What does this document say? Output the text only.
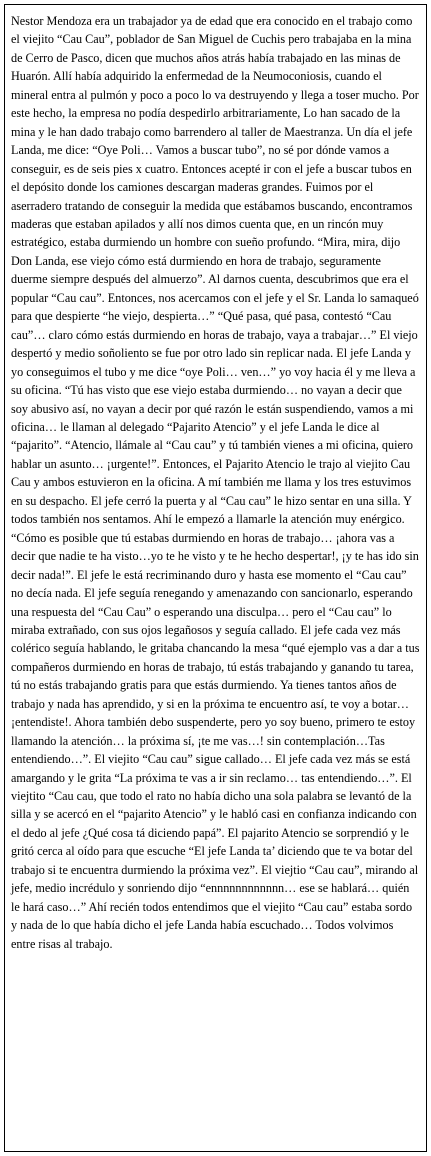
Nestor Mendoza era un trabajador ya de edad que era conocido en el trabajo como el viejito “Cau Cau”, poblador de San Miguel de Cuchis pero trabajaba en la mina de Cerro de Pasco, dicen que muchos años atrás había trabajado en las minas de Huarón. Allí había adquirido la enfermedad de la Neumoconiosis, cuando el mineral entra al pulmón y poco a poco lo va destruyendo y llega a toser mucho. Por este hecho, la empresa no podía despedirlo arbitrariamente, Lo han sacado de la mina y le han dado trabajo como barrendero al taller de Maestranza. Un día el jefe Landa, me dice: “Oye Poli… Vamos a buscar tubo”, no sé por dónde vamos a conseguir, es de seis pies x cuatro. Entonces acepté ir con el jefe a buscar tubos en el depósito donde los camiones descargan maderas grandes. Fuimos por el aserradero tratando de conseguir la medida que estábamos buscando, encontramos maderas que estaban apilados y allí nos dimos cuenta que, en un rincón muy estratégico, estaba durmiendo un hombre con sueño profundo. “Mira, mira, dijo Don Landa, ese viejo cómo está durmiendo en hora de trabajo, seguramente duerme siempre después del almuerzo”. Al darnos cuenta, descubrimos que era el popular “Cau cau”. Entonces, nos acercamos con el jefe y el Sr. Landa lo samaqueó para que despierte “he viejo, despierta…” “Qué pasa, qué pasa, contestó “Cau cau”… claro cómo estás durmiendo en horas de trabajo, vaya a trabajar…” El viejo despertó y medio soñoliento se fue por otro lado sin replicar nada. El jefe Landa y yo conseguimos el tubo y me dice “oye Poli… ven…” yo voy hacia él y me lleva a su oficina. “Tú has visto que ese viejo estaba durmiendo… no vayan a decir que soy abusivo así, no vayan a decir por qué razón le están suspendiendo, vamos a mi oficina… le llaman al delegado “Pajarito Atencio” y el jefe Landa le dice al “pajarito”. “Atencio, llámale al “Cau cau” y tú también vienes a mi oficina, quiero hablar un asunto… ¡urgente!”. Entonces, el Pajarito Atencio le trajo al viejito Cau Cau y ambos estuvieron en la oficina. A mí también me llama y los tres estuvimos en su despacho. El jefe cerró la puerta y al “Cau cau” le hizo sentar en una silla. Y todos también nos sentamos. Ahí le empezó a llamarle la atención muy enérgico. “Cómo es posible que tú estabas durmiendo en horas de trabajo… ¡ahora vas a decir que nadie te ha visto…yo te he visto y te he hecho despertar!, ¡y te has ido sin decir nada!”. El jefe le está recriminando duro y hasta ese momento el “Cau cau” no decía nada. El jefe seguía renegando y amenazando con sancionarlo, esperando una respuesta del “Cau Cau” o esperando una disculpa… pero el “Cau cau” lo miraba extrañado, con sus ojos legañosos y seguía callado. El jefe cada vez más colérico seguía hablando, le gritaba chancando la mesa “qué ejemplo vas a dar a tus compañeros durmiendo en horas de trabajo, tú estás trabajando y ganando tu tarea, tú no estás trabajando gratis para que estás durmiendo. Ya tienes tantos años de trabajo y nada has aprendido, y si en la próxima te encuentro así, te voy a botar…¡entendiste!. Ahora también debo suspenderte, pero yo soy bueno, primero te estoy llamando la atención… la próxima sí, ¡te me vas…! sin contemplación…Tas entendiendo…”. El viejito “Cau cau” sigue callado… El jefe cada vez más se está amargando y le grita “La próxima te vas a ir sin reclamo… tas entendiendo…”. El viejtito “Cau cau, que todo el rato no había dicho una sola palabra se levantó de la silla y se acercó en el “pajarito Atencio” y le habló casi en confianza indicando con el dedo al jefe ¿Qué cosa tá diciendo papá”. El pajarito Atencio se sorprendió y le gritó cerca al oído para que escuche “El jefe Landa ta’ diciendo que te va botar del trabajo si te encuentra durmiendo la próxima vez”. El viejtio “Cau cau”, mirando al jefe, medio incrédulo y sonriendo dijo “ennnnnnnnnnnn… ese se hablará… quién le hará caso…” Ahí recién todos entendimos que el viejito “Cau cau” estaba sordo y nada de lo que había dicho el jefe Landa había escuchado… Todos volvimos entre risas al trabajo.
